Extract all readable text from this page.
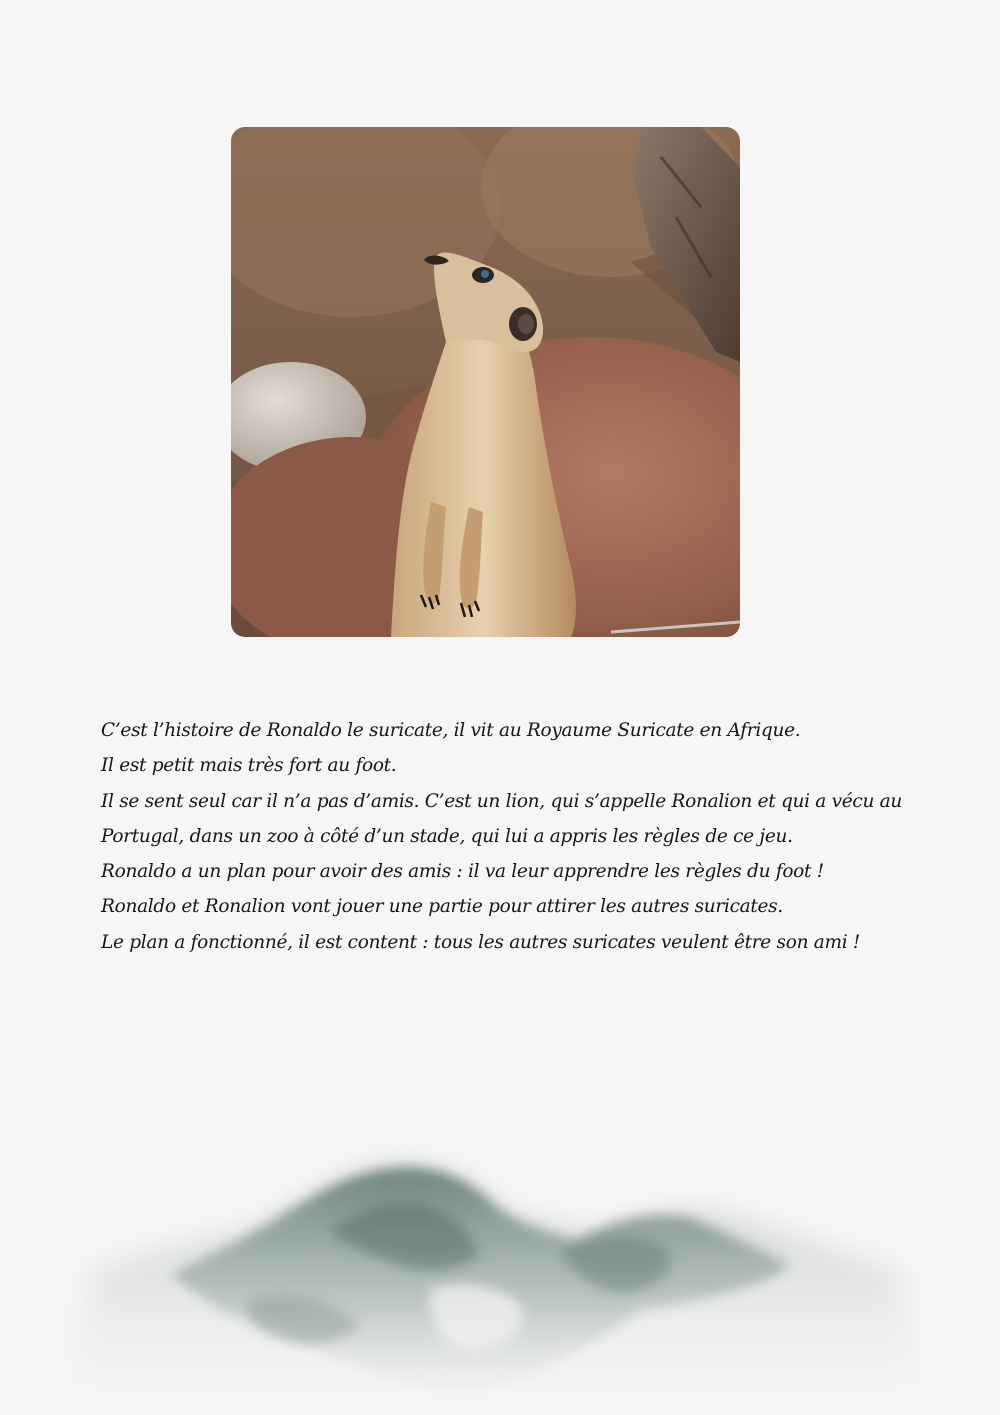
C’est l’histoire de Ronaldo le suricate, il vit au Royaume Suricate en Afrique.
Il est petit mais très fort au foot.
Il se sent seul car il n’a pas d’amis. C’est un lion, qui s’appelle Ronalion et qui a vécu au
Portugal, dans un zoo à côté d’un stade, qui lui a appris les règles de ce jeu.
Ronaldo a un plan pour avoir des amis : il va leur apprendre les règles du foot !
Ronaldo et Ronalion vont jouer une partie pour attirer les autres suricates.
Le plan a fonctionné, il est content : tous les autres suricates veulent être son ami !
